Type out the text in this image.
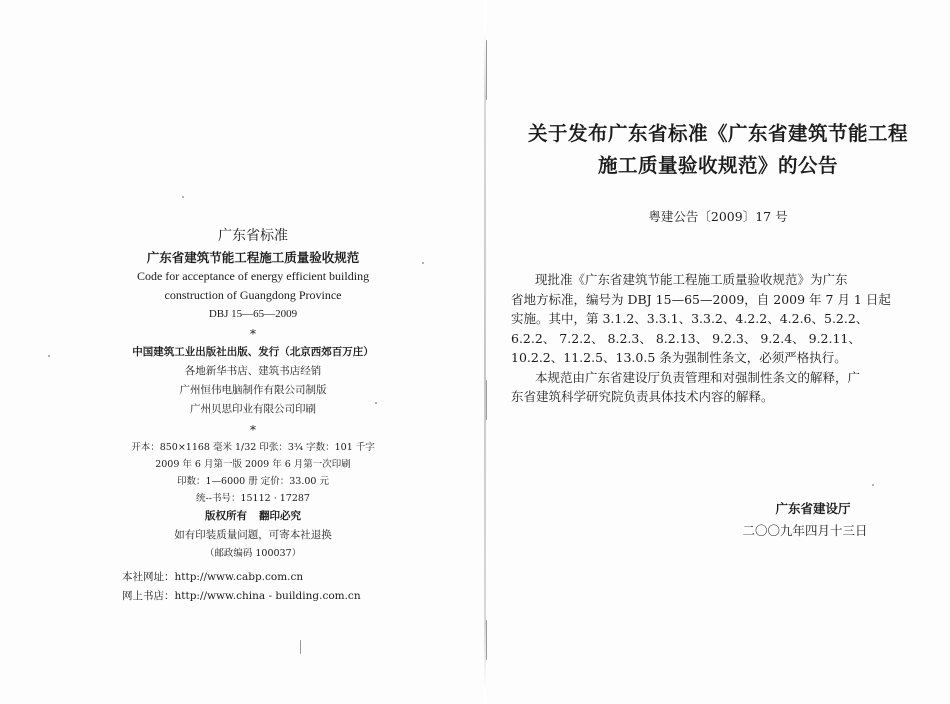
广东省标准
广东省建筑节能工程施工质量验收规范
Code for acceptance of energy efficient building
construction of Guangdong Province
DBJ 15—65—2009
*
中国建筑工业出版社出版、发行（北京西郊百万庄）
各地新华书店、建筑书店经销
广州恒伟电脑制作有限公司制版
广州贝思印业有限公司印刷
*
开本：850×1168 毫米 1/32 印张：3¾ 字数：101 千字
2009 年 6 月第一版 2009 年 6 月第一次印刷
印数：1—6000 册 定价：33.00 元
统--书号：15112 · 17287
版权所有 翻印必究
如有印装质量问题，可寄本社退换
（邮政编码 100037）
本社网址：http://www.cabp.com.cn
网上书店：http://www.china - building.com.cn
关于发布广东省标准《广东省建筑节能工程
施工质量验收规范》的公告
粤建公告〔2009〕17 号
现批准《广东省建筑节能工程施工质量验收规范》为广东
省地方标准，编号为 DBJ 15—65—2009，自 2009 年 7 月 1 日起
实施。其中，第 3.1.2、3.3.1、3.3.2、4.2.2、4.2.6、5.2.2、
6.2.2、 7.2.2、 8.2.3、 8.2.13、 9.2.3、 9.2.4、 9.2.11、
10.2.2、11.2.5、13.0.5 条为强制性条文，必须严格执行。
本规范由广东省建设厅负责管理和对强制性条文的解释，广
东省建筑科学研究院负责具体技术内容的解释。
广东省建设厅
二〇〇九年四月十三日
